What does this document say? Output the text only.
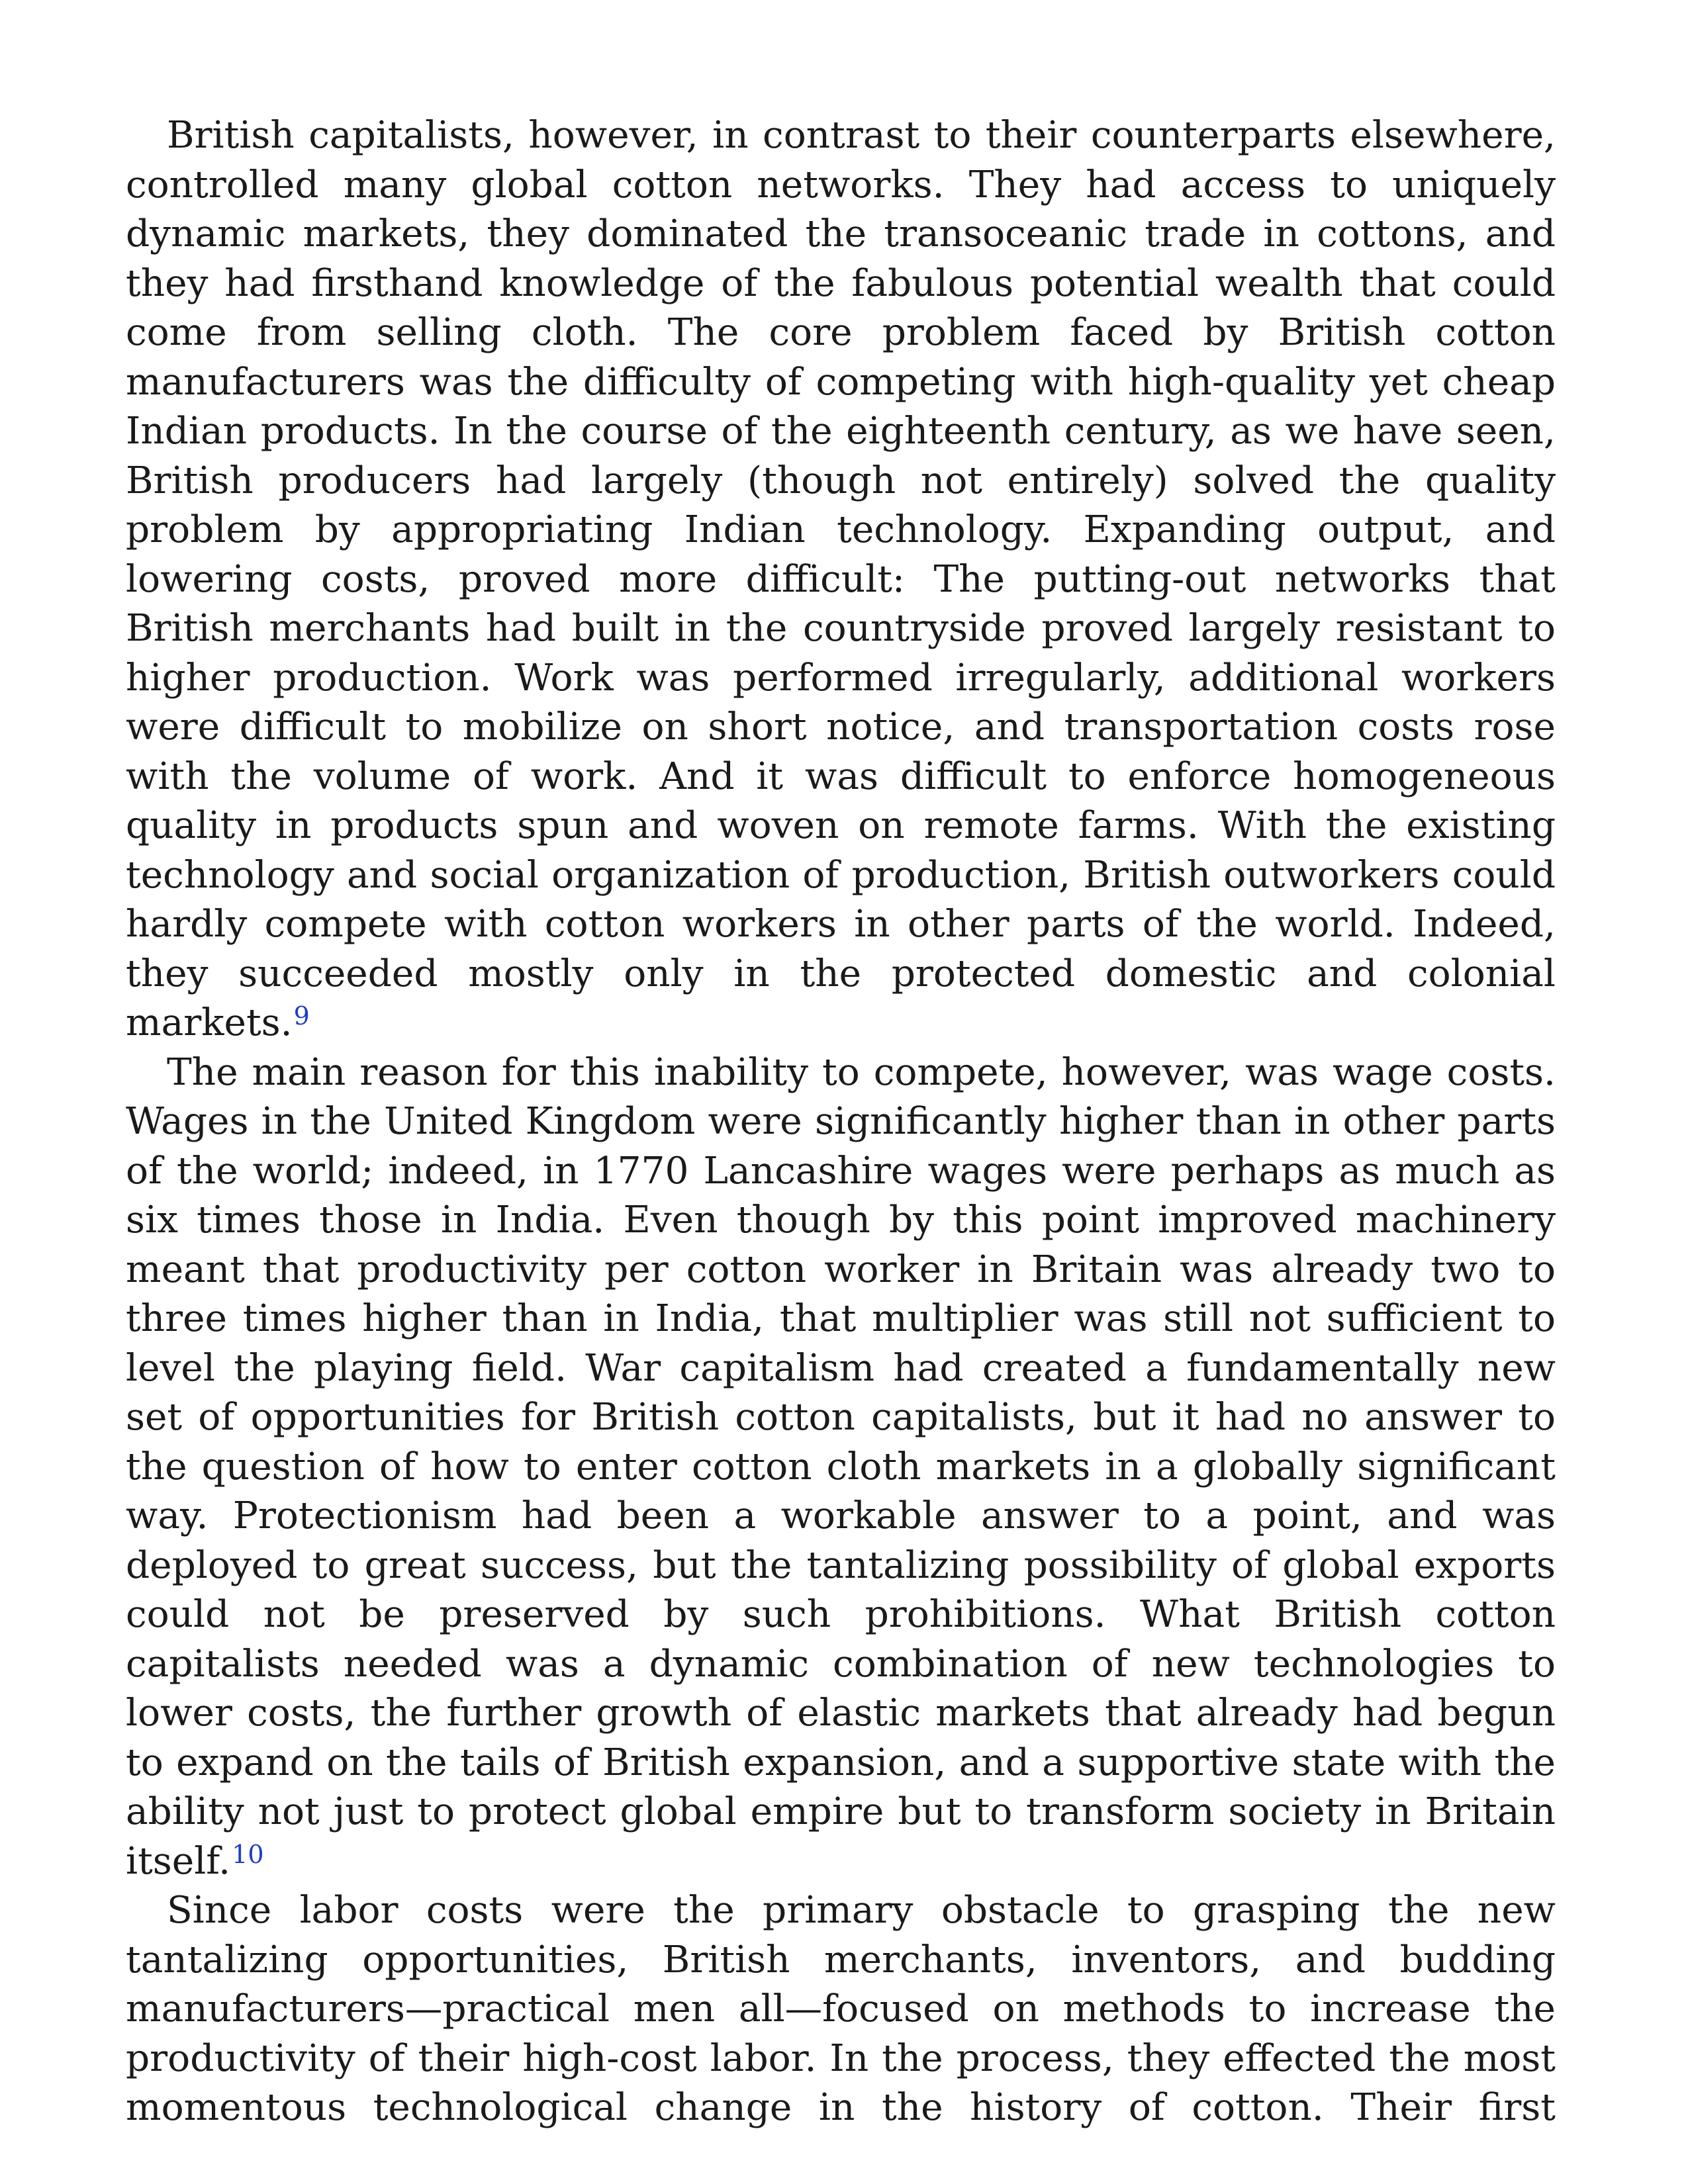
British capitalists, however, in contrast to their counterparts elsewhere, controlled many global cotton networks. They had access to uniquely dynamic markets, they dominated the transoceanic trade in cottons, and they had firsthand knowledge of the fabulous potential wealth that could come from selling cloth. The core problem faced by British cotton manufacturers was the difficulty of competing with high-quality yet cheap Indian products. In the course of the eighteenth century, as we have seen, British producers had largely (though not entirely) solved the quality problem by appropriating Indian technology. Expanding output, and lowering costs, proved more difficult: The putting-out networks that British merchants had built in the countryside proved largely resistant to higher production. Work was performed irregularly, additional workers were difficult to mobilize on short notice, and transportation costs rose with the volume of work. And it was difficult to enforce homogeneous quality in products spun and woven on remote farms. With the existing technology and social organization of production, British outworkers could hardly compete with cotton workers in other parts of the world. Indeed, they succeeded mostly only in the protected domestic and colonial markets.$^9$

The main reason for this inability to compete, however, was wage costs. Wages in the United Kingdom were significantly higher than in other parts of the world; indeed, in 1770 Lancashire wages were perhaps as much as six times those in India. Even though by this point improved machinery meant that productivity per cotton worker in Britain was already two to three times higher than in India, that multiplier was still not sufficient to level the playing field. War capitalism had created a fundamentally new set of opportunities for British cotton capitalists, but it had no answer to the question of how to enter cotton cloth markets in a globally significant way. Protectionism had been a workable answer to a point, and was deployed to great success, but the tantalizing possibility of global exports could not be preserved by such prohibitions. What British cotton capitalists needed was a dynamic combination of new technologies to lower costs, the further growth of elastic markets that already had begun to expand on the tails of British expansion, and a supportive state with the ability not just to protect global empire but to transform society in Britain itself.$^{10}$

Since labor costs were the primary obstacle to grasping the new tantalizing opportunities, British merchants, inventors, and budding manufacturers—practical men all—focused on methods to increase the productivity of their high-cost labor. In the process, they effected the most momentous technological change in the history of cotton. Their first
